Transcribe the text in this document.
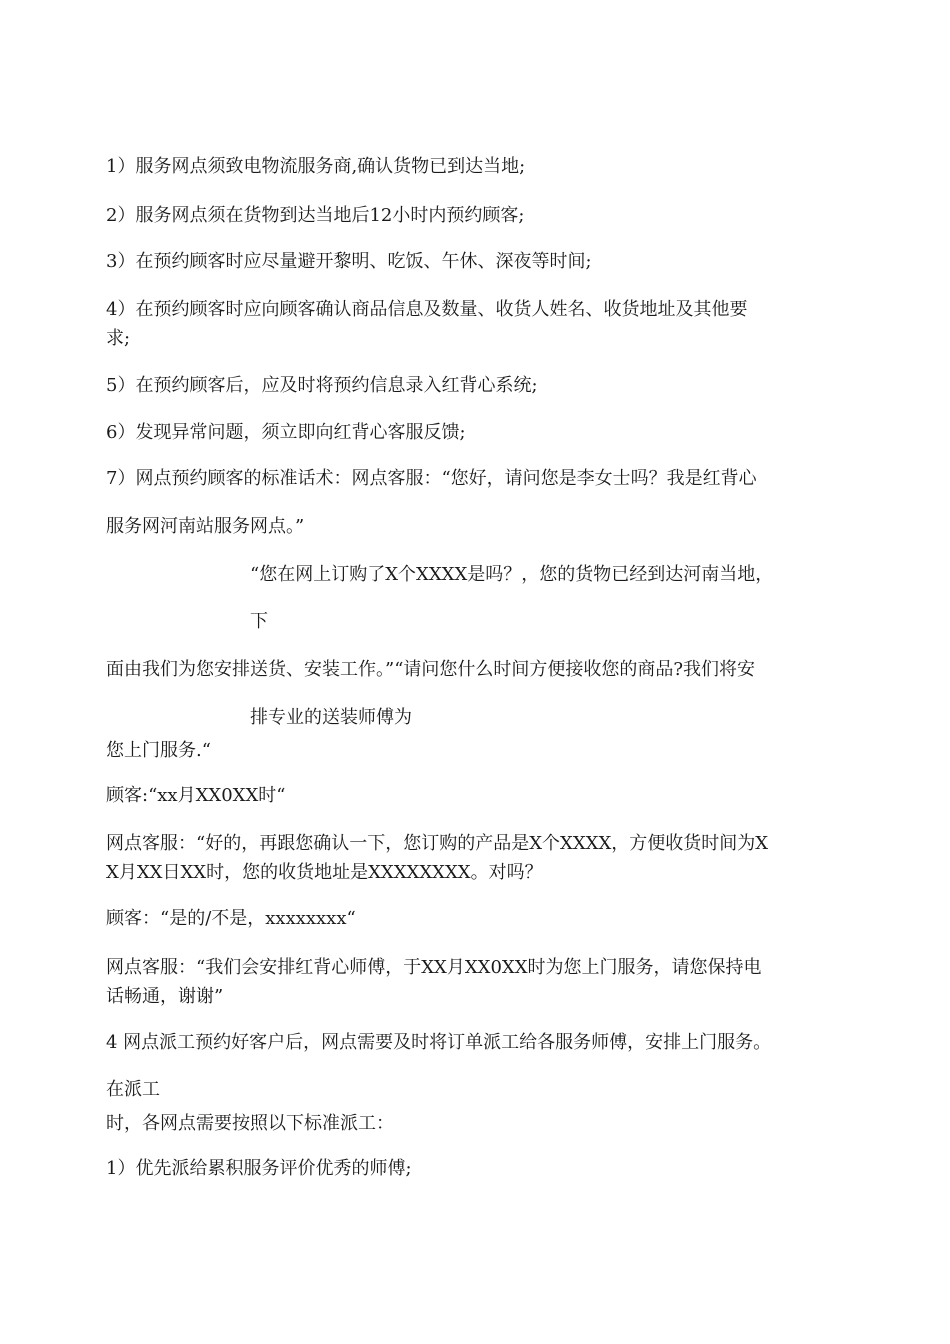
1）服务网点须致电物流服务商,确认货物已到达当地;

2）服务网点须在货物到达当地后12小时内预约顾客;

3）在预约顾客时应尽量避开黎明、吃饭、午休、深夜等时间;

4）在预约顾客时应向顾客确认商品信息及数量、收货人姓名、收货地址及其他要

求;

5）在预约顾客后，应及时将预约信息录入红背心系统;

6）发现异常问题，须立即向红背心客服反馈;

7）网点预约顾客的标准话术：网点客服：“您好，请问您是李女士吗？我是红背心

服务网河南站服务网点。”

“您在网上订购了X个XXXX是吗？，您的货物已经到达河南当地，

下

面由我们为您安排送货、安装工作。”“请问您什么时间方便接收您的商品?我们将安

排专业的送装师傅为

您上门服务.“

顾客:“xx月XX0XX时“

网点客服：“好的，再跟您确认一下，您订购的产品是X个XXXX，方便收货时间为X

X月XX日XX时，您的收货地址是XXXXXXXX。对吗？

顾客：“是的/不是，xxxxxxxx“

网点客服：“我们会安排红背心师傅，于XX月XX0XX时为您上门服务，请您保持电

话畅通，谢谢”

4 网点派工预约好客户后，网点需要及时将订单派工给各服务师傅，安排上门服务。

在派工

时，各网点需要按照以下标准派工：

1）优先派给累积服务评价优秀的师傅;
